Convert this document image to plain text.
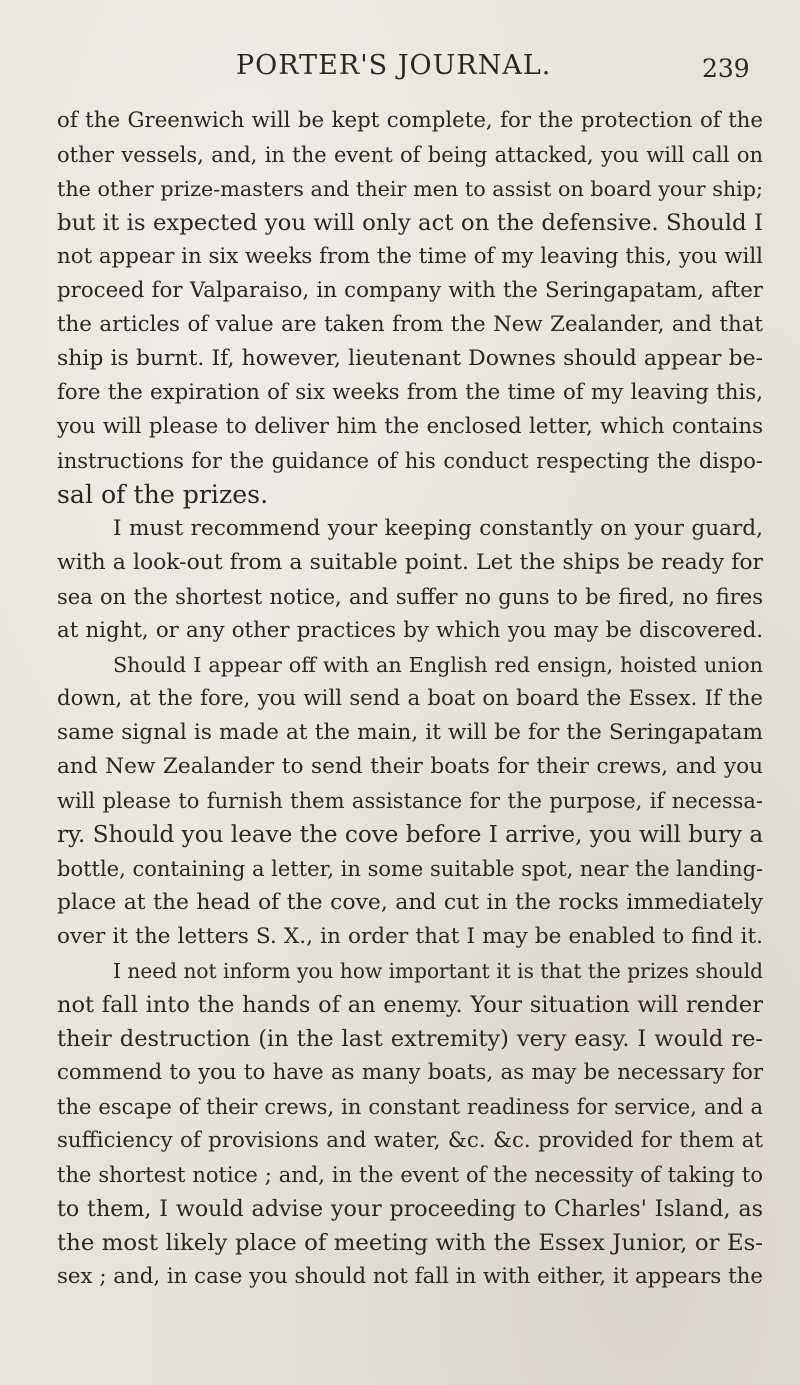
PORTER'S JOURNAL.	239
of the Greenwich will be kept complete, for the protection of the
other vessels, and, in the event of being attacked, you will call on
the other prize-masters and their men to assist on board your ship;
but it is expected you will only act on the defensive. Should I
not appear in six weeks from the time of my leaving this, you will
proceed for Valparaiso, in company with the Seringapatam, after
the articles of value are taken from the New Zealander, and that
ship is burnt. If, however, lieutenant Downes should appear be-
fore the expiration of six weeks from the time of my leaving this,
you will please to deliver him the enclosed letter, which contains
instructions for the guidance of his conduct respecting the dispo-
sal of the prizes.
I must recommend your keeping constantly on your guard,
with a look-out from a suitable point. Let the ships be ready for
sea on the shortest notice, and suffer no guns to be fired, no fires
at night, or any other practices by which you may be discovered.
Should I appear off with an English red ensign, hoisted union
down, at the fore, you will send a boat on board the Essex. If the
same signal is made at the main, it will be for the Seringapatam
and New Zealander to send their boats for their crews, and you
will please to furnish them assistance for the purpose, if necessa-
ry. Should you leave the cove before I arrive, you will bury a
bottle, containing a letter, in some suitable spot, near the landing-
place at the head of the cove, and cut in the rocks immediately
over it the letters S. X., in order that I may be enabled to find it.
I need not inform you how important it is that the prizes should
not fall into the hands of an enemy. Your situation will render
their destruction (in the last extremity) very easy. I would re-
commend to you to have as many boats, as may be necessary for
the escape of their crews, in constant readiness for service, and a
sufficiency of provisions and water, &c. &c. provided for them at
the shortest notice ; and, in the event of the necessity of taking to
to them, I would advise your proceeding to Charles' Island, as
the most likely place of meeting with the Essex Junior, or Es-
sex ; and, in case you should not fall in with either, it appears the
